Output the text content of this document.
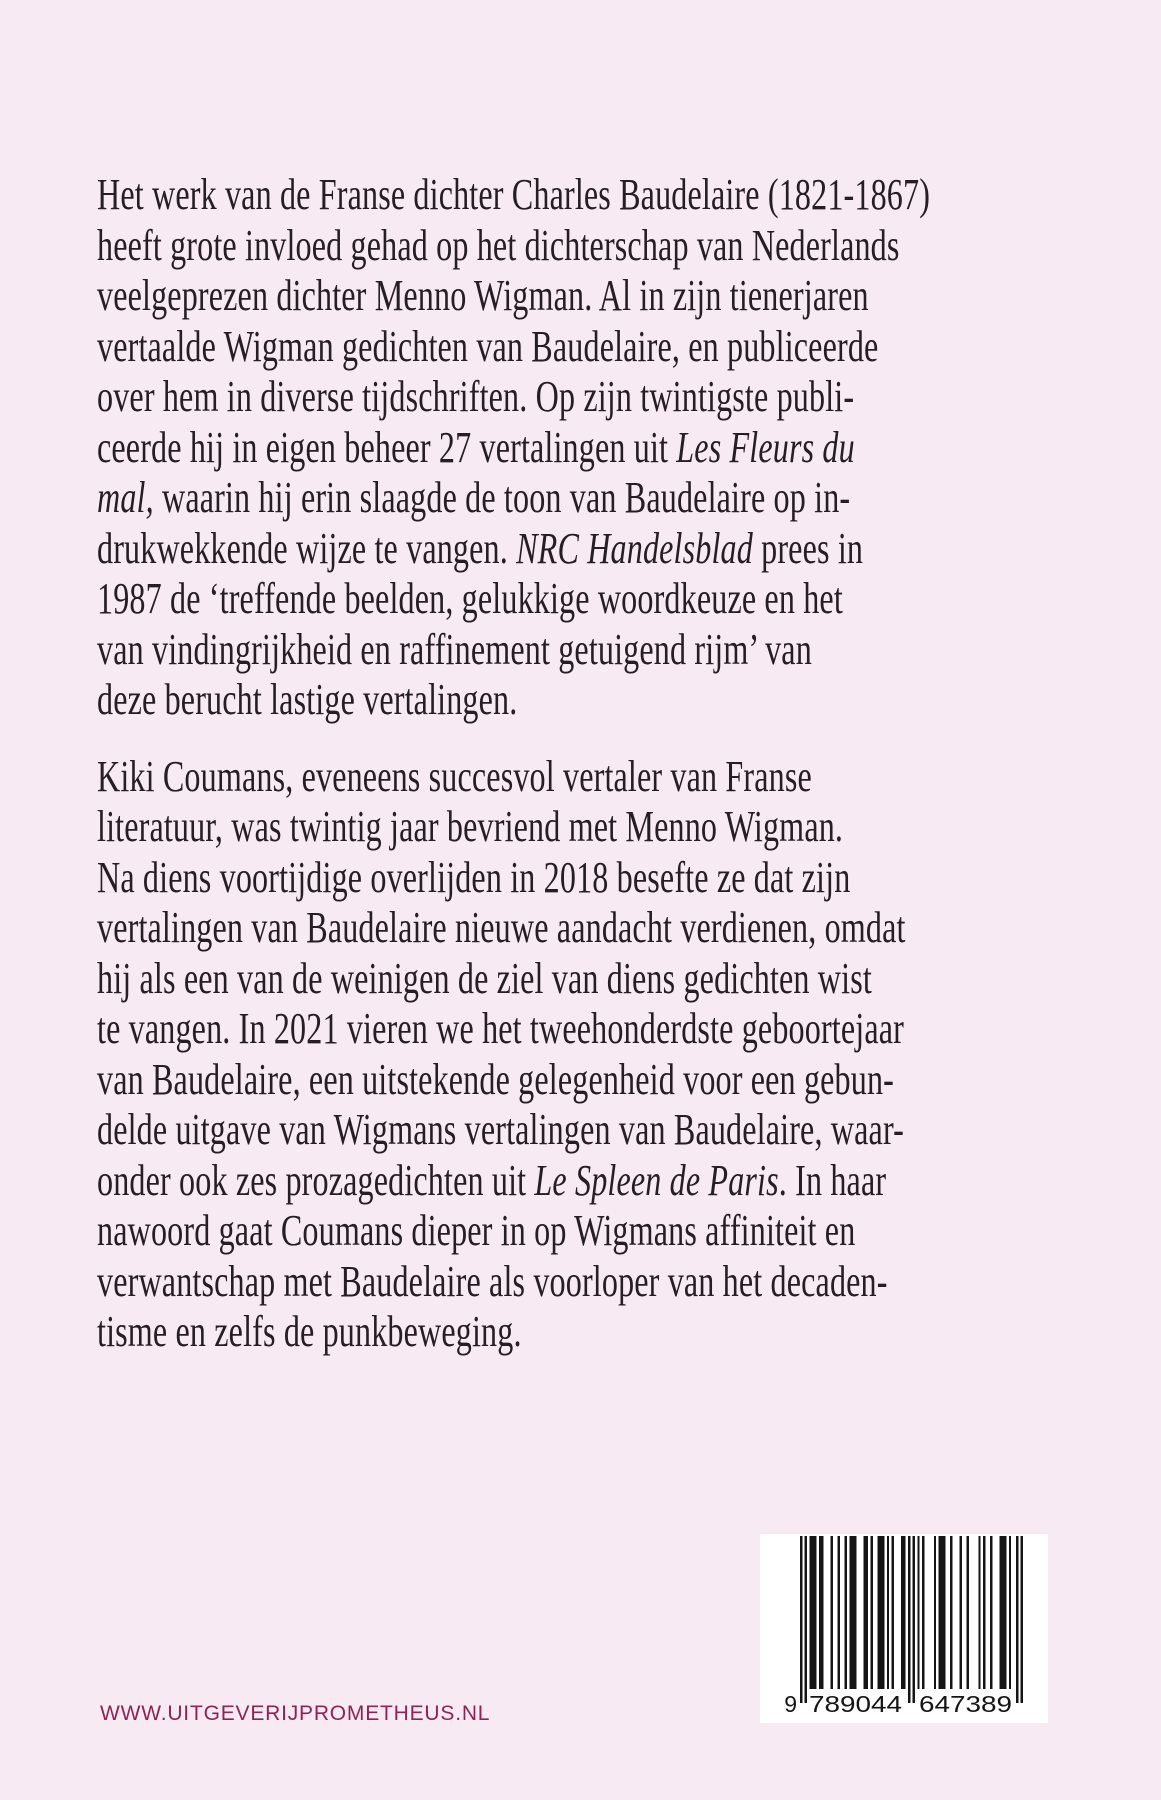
Het werk van de Franse dichter Charles Baudelaire (1821-1867)
heeft grote invloed gehad op het dichterschap van Nederlands
veelgeprezen dichter Menno Wigman. Al in zijn tienerjaren
vertaalde Wigman gedichten van Baudelaire, en publiceerde
over hem in diverse tijdschriften. Op zijn twintigste publi-
ceerde hij in eigen beheer 27 vertalingen uit Les Fleurs du
mal, waarin hij erin slaagde de toon van Baudelaire op in-
drukwekkende wijze te vangen. NRC Handelsblad prees in
1987 de ‘treffende beelden, gelukkige woordkeuze en het
van vindingrijkheid en raffinement getuigend rijm’ van
deze berucht lastige vertalingen.

Kiki Coumans, eveneens succesvol vertaler van Franse
literatuur, was twintig jaar bevriend met Menno Wigman.
Na diens voortijdige overlijden in 2018 besefte ze dat zijn
vertalingen van Baudelaire nieuwe aandacht verdienen, omdat
hij als een van de weinigen de ziel van diens gedichten wist
te vangen. In 2021 vieren we het tweehonderdste geboortejaar
van Baudelaire, een uitstekende gelegenheid voor een gebun-
delde uitgave van Wigmans vertalingen van Baudelaire, waar-
onder ook zes prozagedichten uit Le Spleen de Paris. In haar
nawoord gaat Coumans dieper in op Wigmans affiniteit en
verwantschap met Baudelaire als voorloper van het decaden-
tisme en zelfs de punkbeweging.

WWW.UITGEVERIJPROMETHEUS.NL	9 789044 647389
